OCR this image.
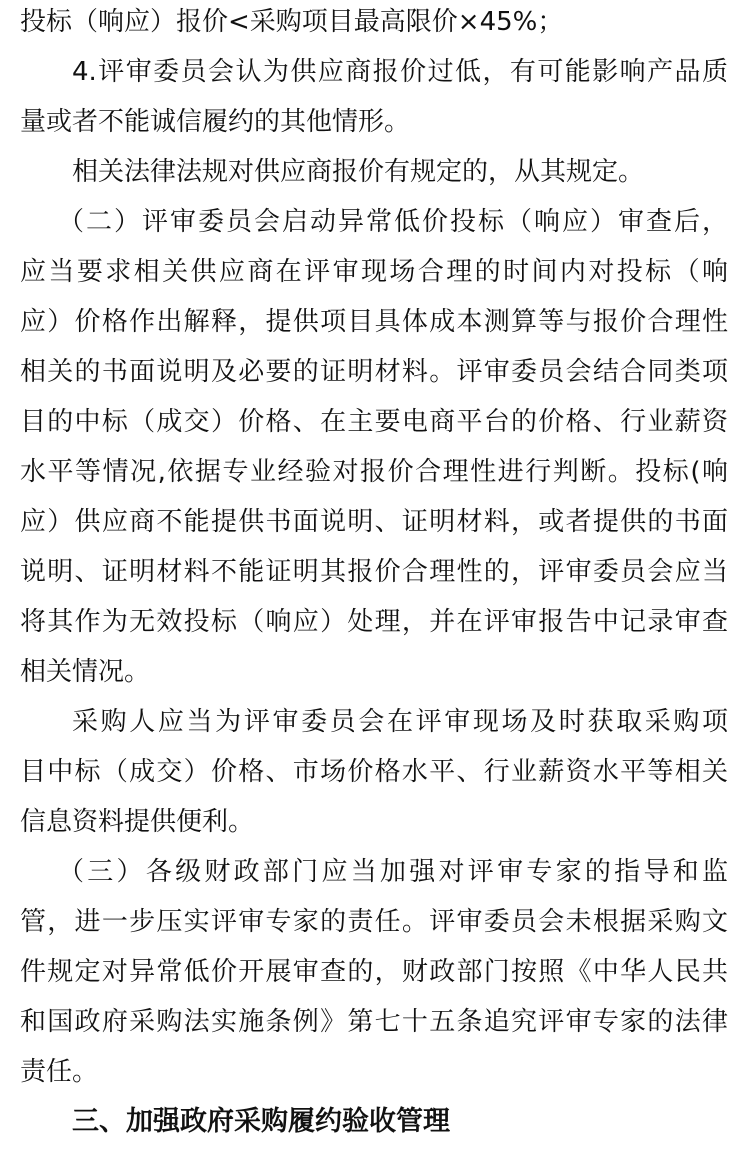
投标（响应）报价<采购项目最高限价×45%；
4.评审委员会认为供应商报价过低，有可能影响产品质
量或者不能诚信履约的其他情形。
相关法律法规对供应商报价有规定的，从其规定。
（二）评审委员会启动异常低价投标（响应）审查后，
应当要求相关供应商在评审现场合理的时间内对投标（响
应）价格作出解释，提供项目具体成本测算等与报价合理性
相关的书面说明及必要的证明材料。评审委员会结合同类项
目的中标（成交）价格、在主要电商平台的价格、行业薪资
水平等情况,依据专业经验对报价合理性进行判断。投标(响
应）供应商不能提供书面说明、证明材料，或者提供的书面
说明、证明材料不能证明其报价合理性的，评审委员会应当
将其作为无效投标（响应）处理，并在评审报告中记录审查
相关情况。
采购人应当为评审委员会在评审现场及时获取采购项
目中标（成交）价格、市场价格水平、行业薪资水平等相关
信息资料提供便利。
（三）各级财政部门应当加强对评审专家的指导和监
管，进一步压实评审专家的责任。评审委员会未根据采购文
件规定对异常低价开展审查的，财政部门按照《中华人民共
和国政府采购法实施条例》第七十五条追究评审专家的法律
责任。
三、加强政府采购履约验收管理
